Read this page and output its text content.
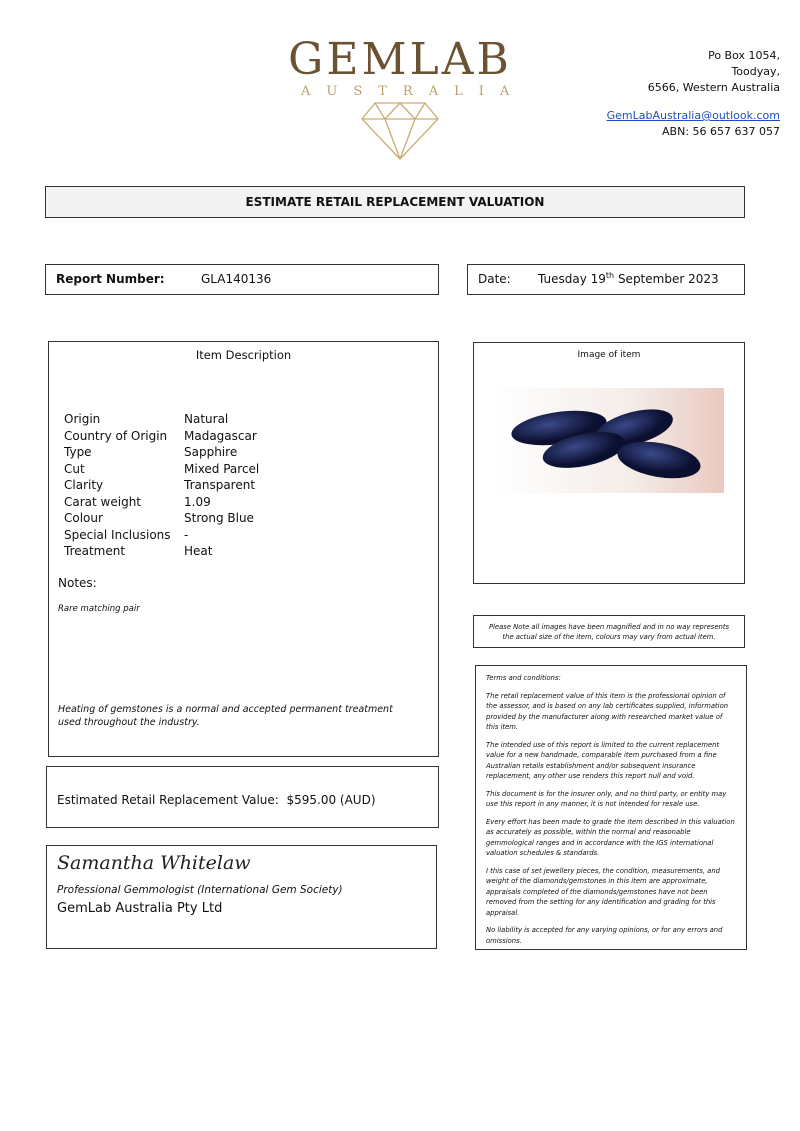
GEMLAB
AUSTRALIA
Po Box 1054,
Toodyay,
6566, Western Australia
GemLabAustralia@outlook.com
ABN: 56 657 637 057
ESTIMATE RETAIL REPLACEMENT VALUATION
Report Number:	GLA140136	Date: Tuesday 19th September 2023
Item Description
Notes:
Rare matching pair
Heating of gemstones is a normal and accepted permanent treatment used throughout the industry.
Origin	Natural
Country of Origin	Madagascar
Type	Sapphire
Cut	Mixed Parcel
Clarity	Transparent
Carat weight	1.09
Colour	Strong Blue
Special Inclusions	-
Treatment	Heat
Image of item
Please Note all images have been magnified and in no way represents the actual size of the item, colours may vary from actual item.
Estimated Retail Replacement Value: $595.00 (AUD)
Samantha Whitelaw
Professional Gemmologist (International Gem Society)
GemLab Australia Pty Ltd

Terms and conditions:

The retail replacement value of this item is the professional opinion of the assessor, and is based on any lab certificates supplied, information provided by the manufacturer along with researched market value of this item.

The intended use of this report is limited to the current replacement value for a new handmade, comparable item purchased from a fine Australian retails establishment and/or subsequent insurance replacement, any other use renders this report null and void.

This document is for the insurer only, and no third party, or entity may use this report in any manner, it is not intended for resale use.

Every effort has been made to grade the item described in this valuation as accurately as possible, within the normal and reasonable gemmological ranges and in accordance with the IGS international valuation schedules & standards.

I this case of set jewellery pieces, the condition, measurements, and weight of the diamonds/gemstones in this item are approximate, appraisals completed of the diamonds/gemstones have not been removed from the setting for any identification and grading for this appraisal.

No liability is accepted for any varying opinions, or for any errors and omissions.
